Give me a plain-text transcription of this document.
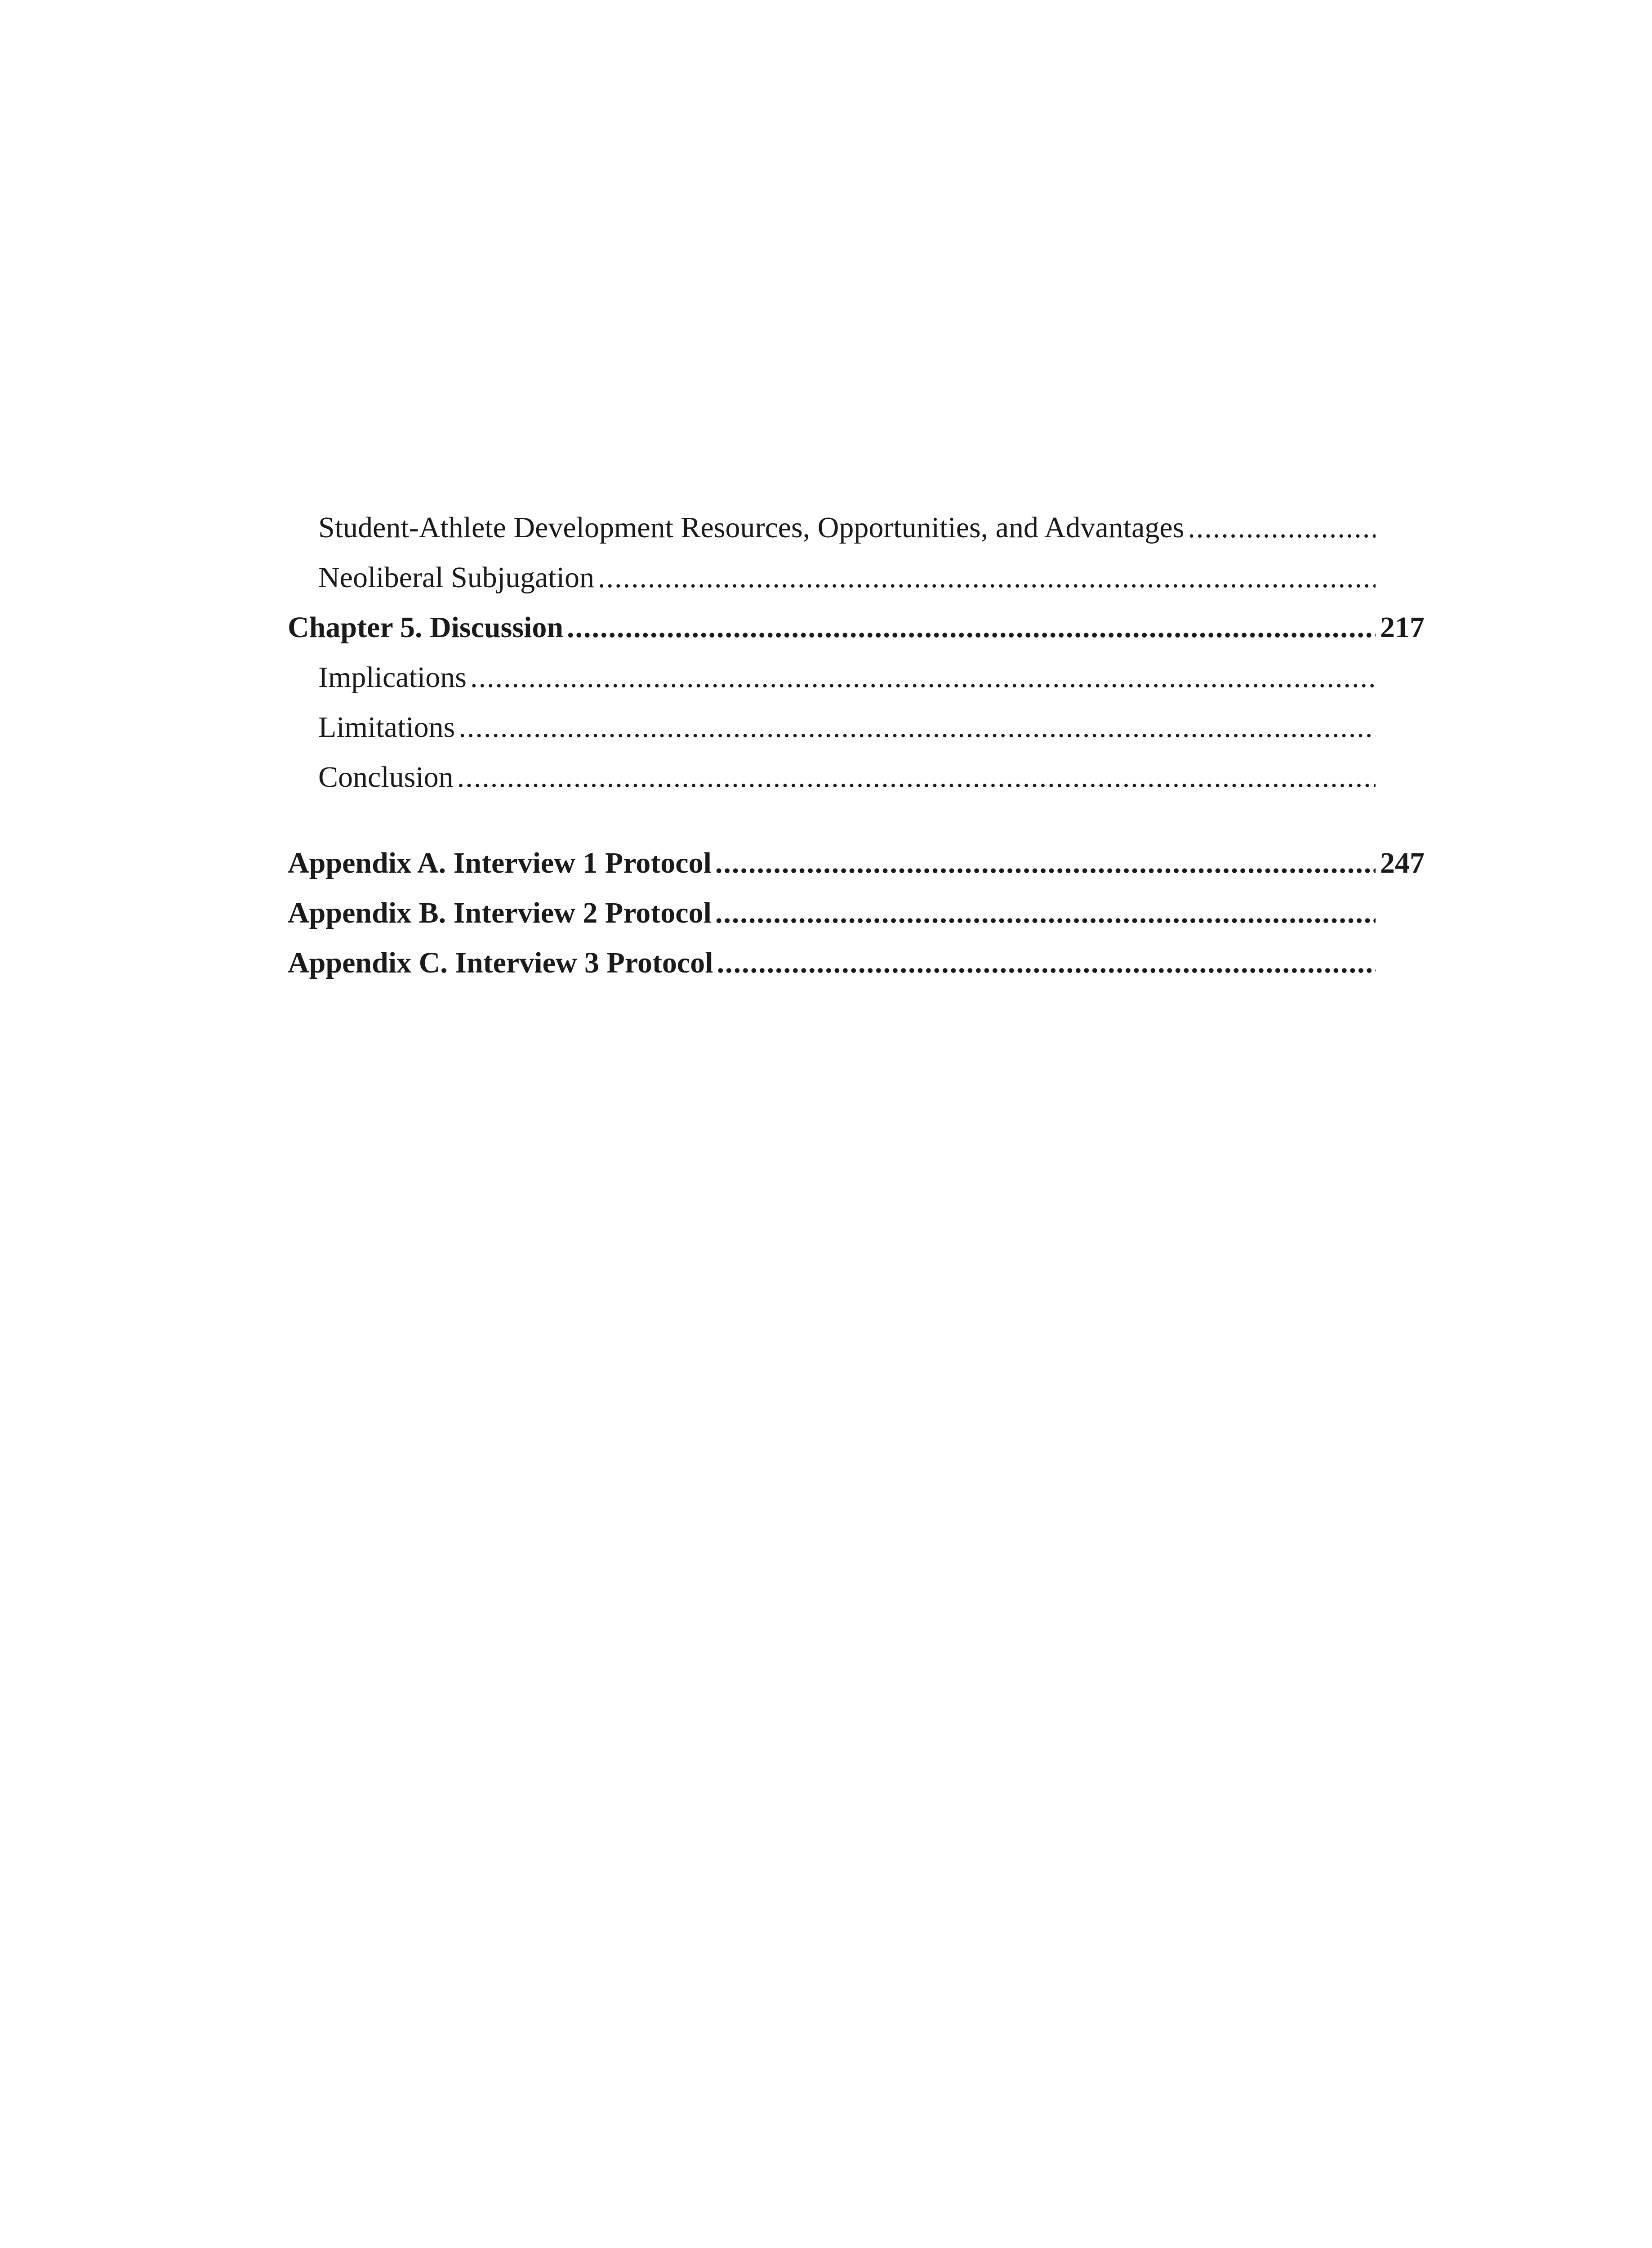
Student-Athlete Development Resources, Opportunities, and Advantages
.....
Neoliberal Subjugation
.....
Chapter 5. Discussion .....	217
Implications
.....
Limitations
.....
Conclusion
.....
Appendix A. Interview 1 Protocol .....	247
Appendix B. Interview 2 Protocol
.....
Appendix C. Interview 3 Protocol
.....
